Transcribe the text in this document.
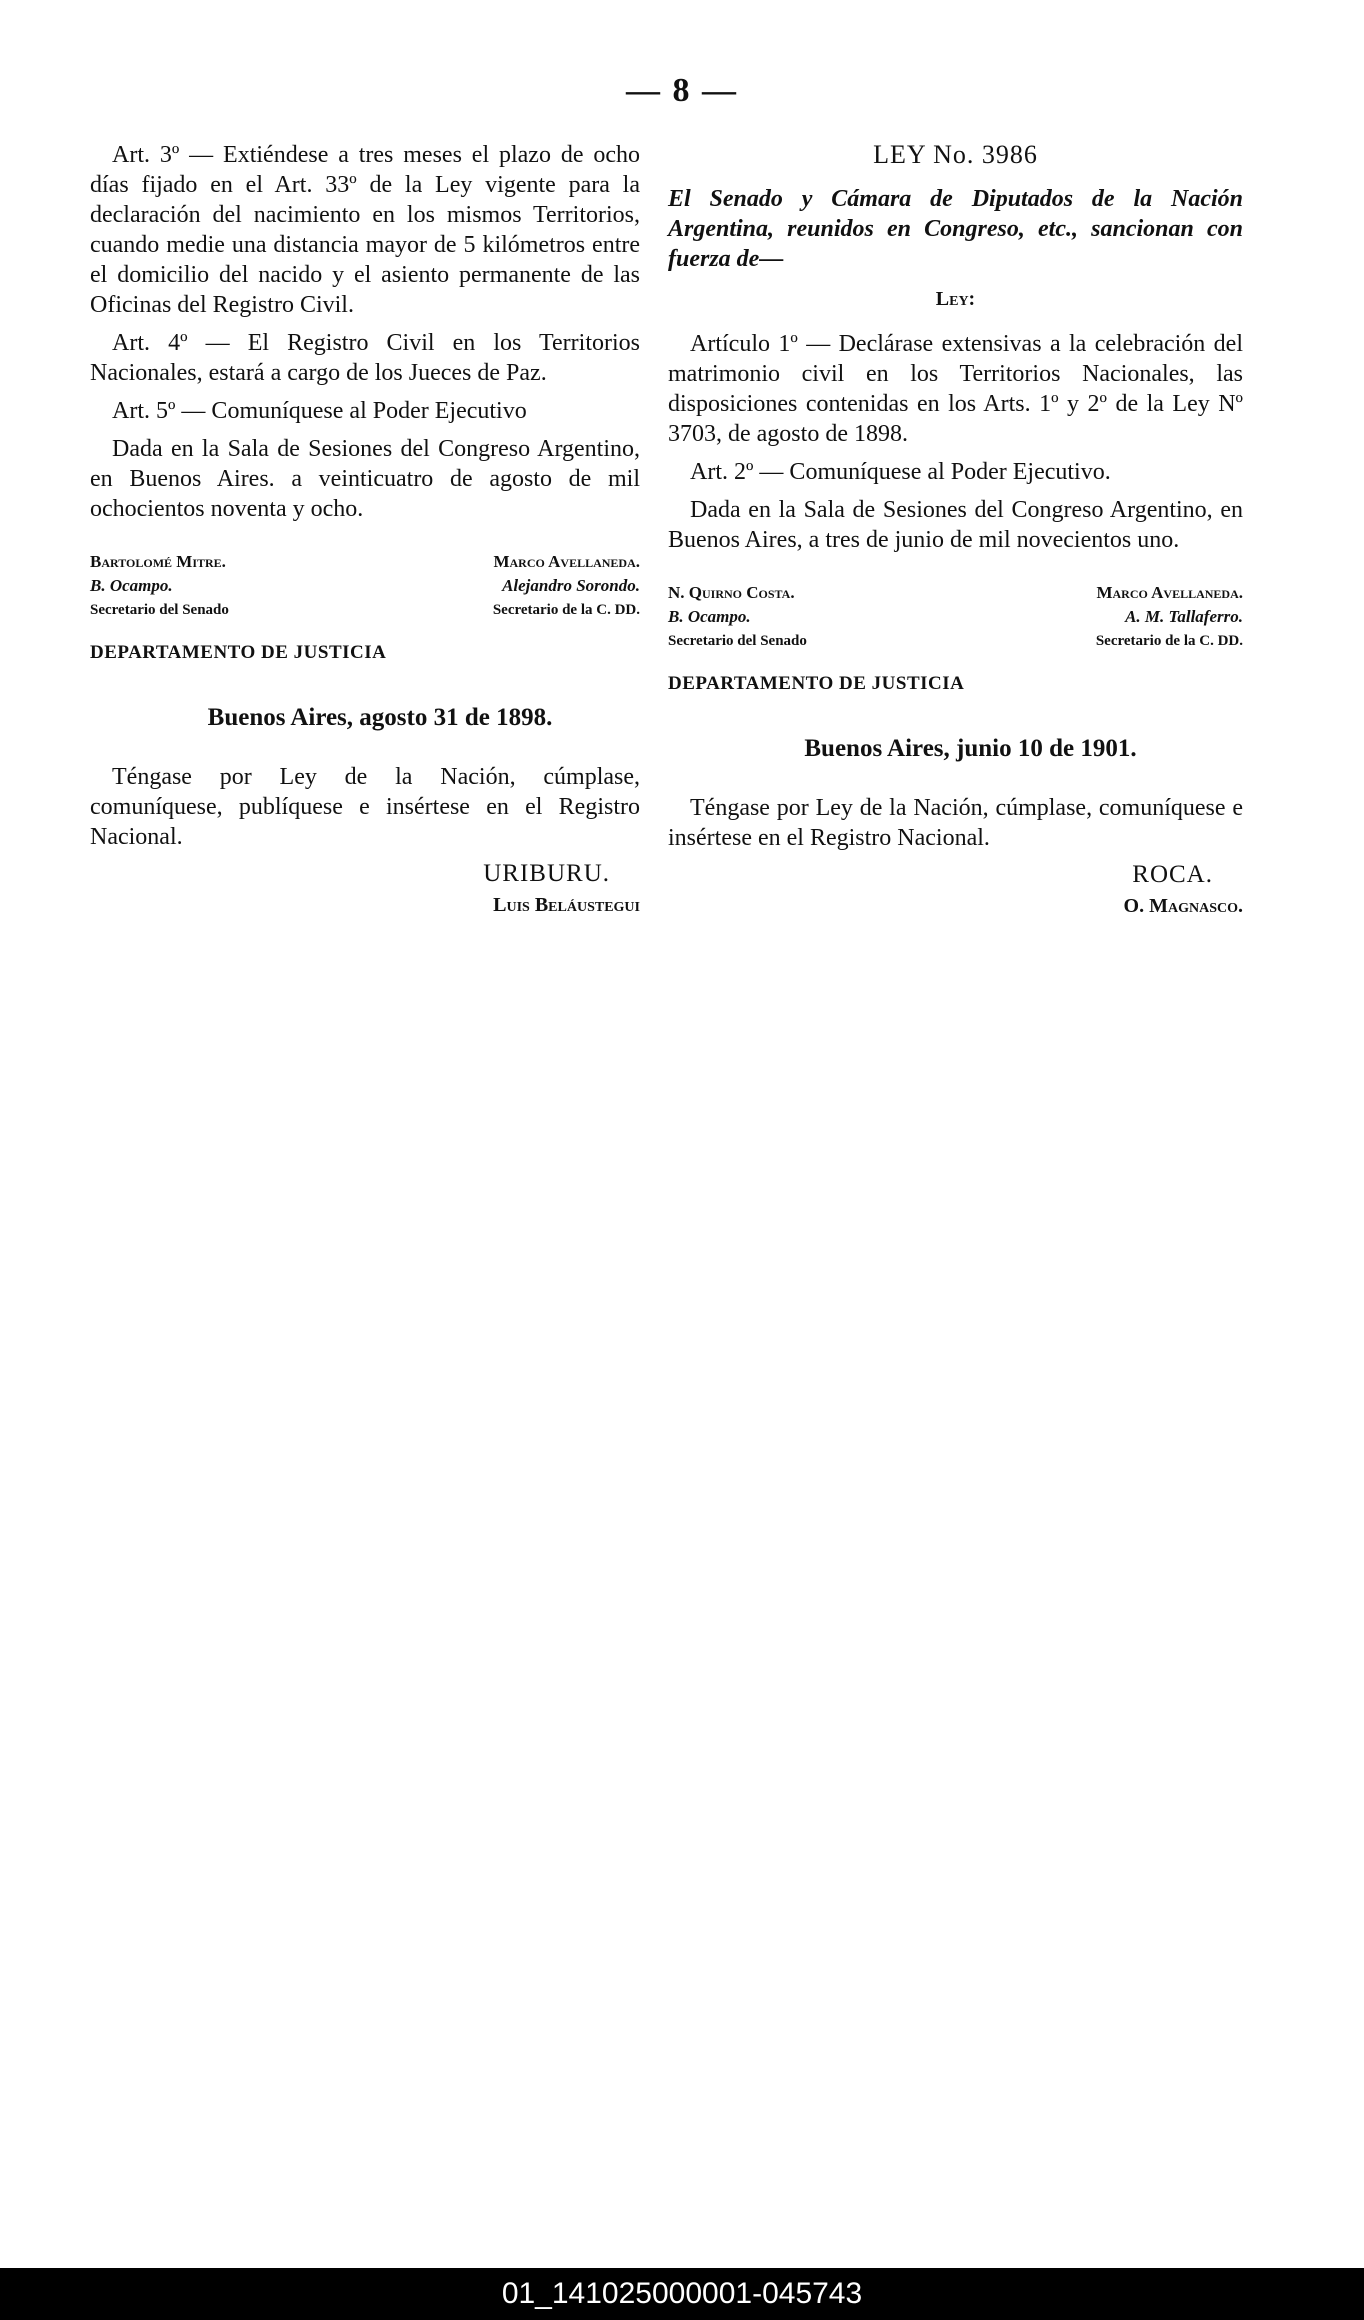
— 8 —

Art. 3º — Extiéndese a tres meses el plazo de ocho días fijado en el Art. 33º de la Ley vigente para la declaración del nacimiento en los mismos Territorios, cuando medie una distancia mayor de 5 kilómetros entre el domicilio del nacido y el asiento permanente de las Oficinas del Registro Civil.

Art. 4º — El Registro Civil en los Territorios Nacionales, estará a cargo de los Jueces de Paz.

Art. 5º — Comuníquese al Poder Ejecutivo

Dada en la Sala de Sesiones del Congreso Argentino, en Buenos Aires. a veinticuatro de agosto de mil ochocientos noventa y ocho.

Bartolomé Mitre.
B. Ocampo.
Secretario del Senado
Marco Avellaneda.
Alejandro Sorondo.
Secretario de la C. DD.
DEPARTAMENTO DE JUSTICIA
Buenos Aires, agosto 31 de 1898.

Téngase por Ley de la Nación, cúmplase, comuníquese, publíquese e insértese en el Registro Nacional.

URIBURU.
Luis Beláustegui
LEY No. 3986

El Senado y Cámara de Diputados de la Nación Argentina, reunidos en Congreso, etc., sancionan con fuerza de—

Ley:

Artículo 1º — Declárase extensivas a la celebración del matrimonio civil en los Territorios Nacionales, las disposiciones contenidas en los Arts. 1º y 2º de la Ley Nº 3703, de agosto de 1898.

Art. 2º — Comuníquese al Poder Ejecutivo.

Dada en la Sala de Sesiones del Congreso Argentino, en Buenos Aires, a tres de junio de mil novecientos uno.

N. Quirno Costa.
B. Ocampo.
Secretario del Senado
Marco Avellaneda.
A. M. Tallaferro.
Secretario de la C. DD.
DEPARTAMENTO DE JUSTICIA
Buenos Aires, junio 10 de 1901.

Téngase por Ley de la Nación, cúmplase, comuníquese e insértese en el Registro Nacional.

ROCA.
O. Magnasco.
01_141025000001-045743
